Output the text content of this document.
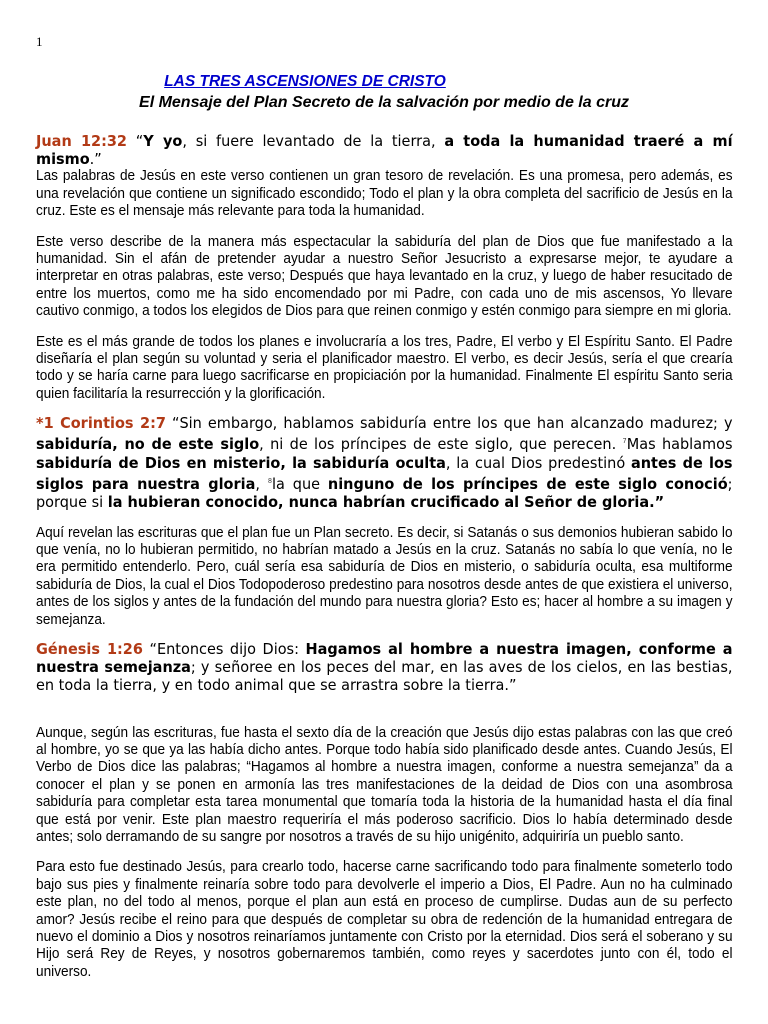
1
LAS TRES ASCENSIONES DE CRISTO
El Mensaje del Plan Secreto de la salvación por medio de la cruz

Juan 12:32 “Y yo, si fuere levantado de la tierra, a toda la humanidad traeré a mí mismo.”

Las palabras de Jesús en este verso contienen un gran tesoro de revelación. Es una promesa, pero además, es una revelación que contiene un significado escondido; Todo el plan y la obra completa del sacrificio de Jesús en la cruz. Este es el mensaje más relevante para toda la humanidad.

Este verso describe de la manera más espectacular la sabiduría del plan de Dios que fue manifestado a la humanidad. Sin el afán de pretender ayudar a nuestro Señor Jesucristo a expresarse mejor, te ayudare a interpretar en otras palabras, este verso; Después que haya levantado en la cruz, y luego de haber resucitado de entre los muertos, como me ha sido encomendado por mi Padre, con cada uno de mis ascensos, Yo llevare cautivo conmigo, a todos los elegidos de Dios para que reinen conmigo y estén conmigo para siempre en mi gloria.

Este es el más grande de todos los planes e involucraría a los tres, Padre, El verbo y El Espíritu Santo. El Padre diseñaría el plan según su voluntad y seria el planificador maestro. El verbo, es decir Jesús, sería el que crearía todo y se haría carne para luego sacrificarse en propiciación por la humanidad. Finalmente El espíritu Santo seria quien facilitaría la resurrección y la glorificación.

*1 Corintios 2:7 “Sin embargo, hablamos sabiduría entre los que han alcanzado madurez; y sabiduría, no de este siglo, ni de los príncipes de este siglo, que perecen. $^7$Mas hablamos sabiduría de Dios en misterio, la sabiduría oculta, la cual Dios predestinó antes de los siglos para nuestra gloria, $^8$la que ninguno de los príncipes de este siglo conoció; porque si la hubieran conocido, nunca habrían crucificado al Señor de gloria.”

Aquí revelan las escrituras que el plan fue un Plan secreto. Es decir, si Satanás o sus demonios hubieran sabido lo que venía, no lo hubieran permitido, no habrían matado a Jesús en la cruz. Satanás no sabía lo que venía, no le era permitido entenderlo. Pero, cuál sería esa sabiduría de Dios en misterio, o sabiduría oculta, esa multiforme sabiduría de Dios, la cual el Dios Todopoderoso predestino para nosotros desde antes de que existiera el universo, antes de los siglos y antes de la fundación del mundo para nuestra gloria? Esto es; hacer al hombre a su imagen y semejanza.

Génesis 1:26 “Entonces dijo Dios: Hagamos al hombre a nuestra imagen, conforme a nuestra semejanza; y señoree en los peces del mar, en las aves de los cielos, en las bestias, en toda la tierra, y en todo animal que se arrastra sobre la tierra.”

Aunque, según las escrituras, fue hasta el sexto día de la creación que Jesús dijo estas palabras con las que creó al hombre, yo se que ya las había dicho antes. Porque todo había sido planificado desde antes. Cuando Jesús, El Verbo de Dios dice las palabras; “Hagamos al hombre a nuestra imagen, conforme a nuestra semejanza” da a conocer el plan y se ponen en armonía las tres manifestaciones de la deidad de Dios con una asombrosa sabiduría para completar esta tarea monumental que tomaría toda la historia de la humanidad hasta el día final que está por venir. Este plan maestro requeriría el más poderoso sacrificio. Dios lo había determinado desde antes; solo derramando de su sangre por nosotros a través de su hijo unigénito, adquiriría un pueblo santo.

Para esto fue destinado Jesús, para crearlo todo, hacerse carne sacrificando todo para finalmente someterlo todo bajo sus pies y finalmente reinaría sobre todo para devolverle el imperio a Dios, El Padre. Aun no ha culminado este plan, no del todo al menos, porque el plan aun está en proceso de cumplirse. Dudas aun de su perfecto amor? Jesús recibe el reino para que después de completar su obra de redención de la humanidad entregara de nuevo el dominio a Dios y nosotros reinaríamos juntamente con Cristo por la eternidad. Dios será el soberano y su Hijo será Rey de Reyes, y nosotros gobernaremos también, como reyes y sacerdotes junto con él, todo el universo.
